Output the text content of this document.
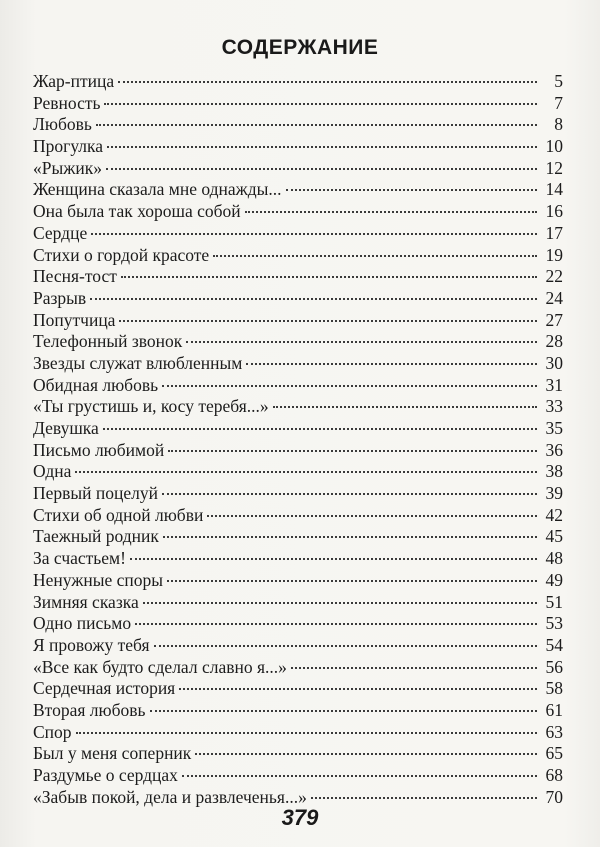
СОДЕРЖАНИЕ
Жар-птица	5
Ревность	7
Любовь	8
Прогулка	10
«Рыжик»	12
Женщина сказала мне однажды...	14
Она была так хороша собой	16
Сердце	17
Стихи о гордой красоте	19
Песня-тост	22
Разрыв	24
Попутчица	27
Телефонный звонок	28
Звезды служат влюбленным	30
Обидная любовь	31
«Ты грустишь и, косу теребя...»	33
Девушка	35
Письмо любимой	36
Одна	38
Первый поцелуй	39
Стихи об одной любви	42
Таежный родник	45
За счастьем!	48
Ненужные споры	49
Зимняя сказка	51
Одно письмо	53
Я провожу тебя	54
«Все как будто сделал славно я...»	56
Сердечная история	58
Вторая любовь	61
Спор	63
Был у меня соперник	65
Раздумье о сердцах	68
«Забыв покой, дела и развлеченья...»	70
379
